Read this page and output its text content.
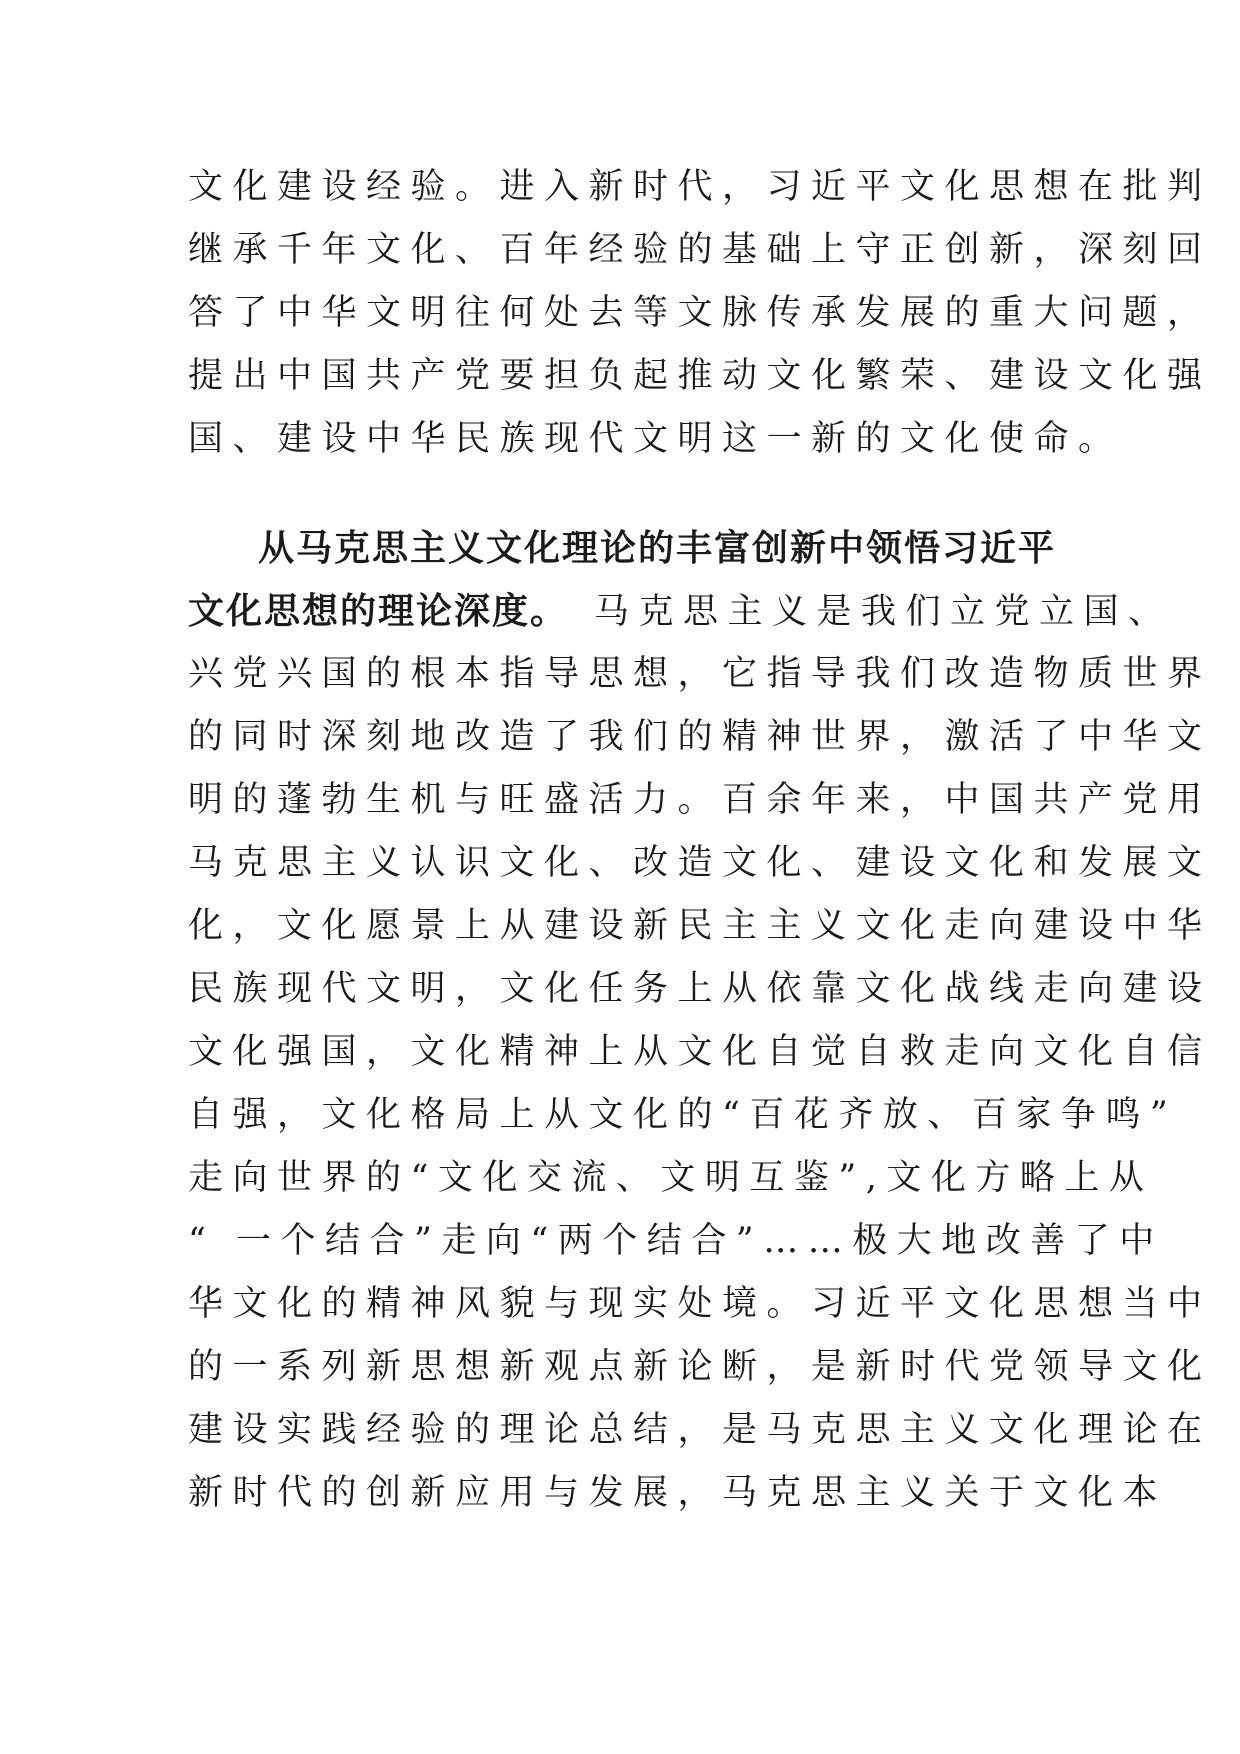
文化建设经验。进入新时代，习近平文化思想在批判
继承千年文化、百年经验的基础上守正创新，深刻回
答了中华文明往何处去等文脉传承发展的重大问题，
提出中国共产党要担负起推动文化繁荣、建设文化强
国、建设中华民族现代文明这一新的文化使命。
从马克思主义文化理论的丰富创新中领悟习近平
文化思想的理论深度。 马克思主义是我们立党立国、
兴党兴国的根本指导思想，它指导我们改造物质世界
的同时深刻地改造了我们的精神世界，激活了中华文
明的蓬勃生机与旺盛活力。百余年来，中国共产党用
马克思主义认识文化、改造文化、建设文化和发展文
化，文化愿景上从建设新民主主义文化走向建设中华
民族现代文明，文化任务上从依靠文化战线走向建设
文化强国，文化精神上从文化自觉自救走向文化自信
自强，文化格局上从文化的“百花齐放、百家争鸣”
走向世界的“文化交流、文明互鉴”,文化方略上从
“ 一个结合”走向“两个结合”……极大地改善了中
华文化的精神风貌与现实处境。习近平文化思想当中
的一系列新思想新观点新论断，是新时代党领导文化
建设实践经验的理论总结，是马克思主义文化理论在
新时代的创新应用与发展，马克思主义关于文化本
